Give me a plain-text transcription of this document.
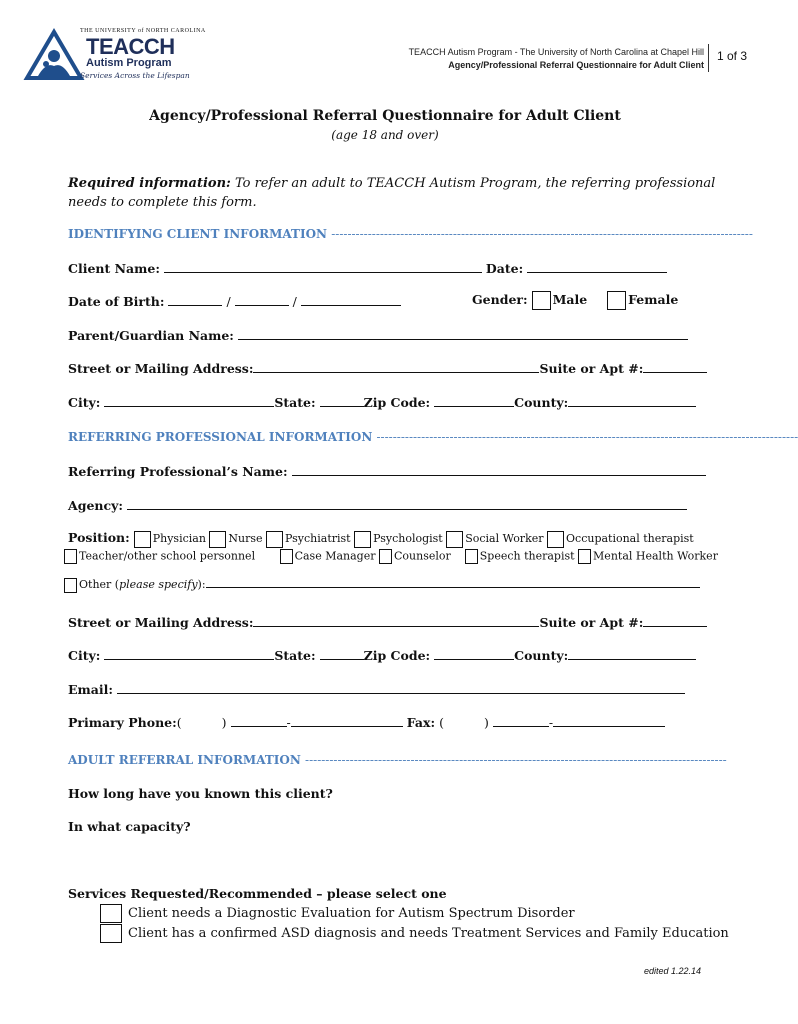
THE UNIVERSITY of NORTH CAROLINA
TEACCH
Autism Program
Services Across the Lifespan
TEACCH Autism Program - The University of North Carolina at Chapel Hill
Agency/Professional Referral Questionnaire for Adult Client
1 of 3
Agency/Professional Referral Questionnaire for Adult Client
(age 18 and over)
Required information: To refer an adult to TEACCH Autism Program, the referring professional needs to complete this form.
IDENTIFYING CLIENT INFORMATION --------------------------------------------------------------------------------------------------------
Client Name:	Date:
Date of Birth:	/	/	Gender: Male	Female
Parent/Guardian Name:
Street or Mailing Address:	Suite or Apt #:
City:	State:	Zip Code:	County:
REFERRING PROFESSIONAL INFORMATION --------------------------------------------------------------------------------------------------------
Referring Professional’s Name:
Agency:
Position: Physician Nurse Psychiatrist Psychologist Social Worker Occupational therapist
Teacher/other school personnel	Case Manager Counselor	Speech therapist Mental Health Worker
Other (please specify):
Street or Mailing Address:	Suite or Apt #:
City:	State:	Zip Code:	County:
Email:
Primary Phone:(	)	-	Fax: (	)	-
ADULT REFERRAL INFORMATION --------------------------------------------------------------------------------------------------------
How long have you known this client?
In what capacity?
Services Requested/Recommended – please select one
Client needs a Diagnostic Evaluation for Autism Spectrum Disorder
Client has a confirmed ASD diagnosis and needs Treatment Services and Family Education
edited 1.22.14
